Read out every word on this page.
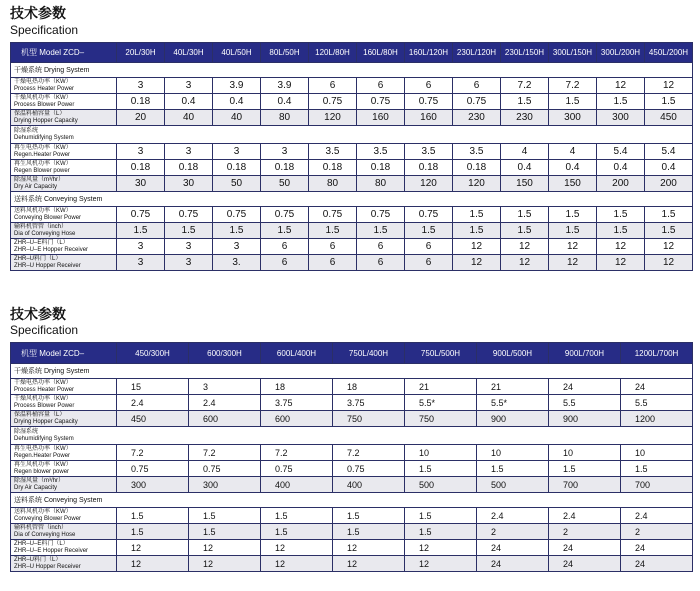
技术参数
Specification
机型 Model ZCD–	20L/30H	40L/30H	40L/50H	80L/50H	120L/80H	160L/80H	160L/120H	230L/120H	230L/150H	300L/150H	300L/200H	450L/200H
干燥系统 Drying System												

干燥电热功率（KW）
Process Heater Power	3	3	3.9	3.9	6	6	6	6	7.2	7.2	12	12

干燥风机功率（KW）
Process Blower Power	0.18	0.4	0.4	0.4	0.75	0.75	0.75	0.75	1.5	1.5	1.5	1.5

保温料桶容量（L）
Drying Hopper Capacity	20	40	40	80	120	160	160	230	230	300	300	450

除湿系统
Dehumidifying System												

再生电热功率（KW）
Regen.Heater Power	3	3	3	3	3.5	3.5	3.5	3.5	4	4	5.4	5.4

再生风机功率（KW）
Regen Blower power	0.18	0.18	0.18	0.18	0.18	0.18	0.18	0.18	0.4	0.4	0.4	0.4

除湿风量（m³/hr）
Dry Air Capacity	30	30	50	50	80	80	120	120	150	150	200	200
送料系统 Conveying System												

送料风机功率（KW）
Conveying Blower Power	0.75	0.75	0.75	0.75	0.75	0.75	0.75	1.5	1.5	1.5	1.5	1.5

输料机管管（inch）
Dia of Conveying Hose	1.5	1.5	1.5	1.5	1.5	1.5	1.5	1.5	1.5	1.5	1.5	1.5

ZHR–U–E料门（L）
ZHR–U–E Hopper Receiver	3	3	3	6	6	6	6	12	12	12	12	12

ZHR–U料门（L）
ZHR–U Hopper Receiver	3	3	3.	6	6	6	6	12	12	12	12	12
技术参数
Specification
机型 Model ZCD–	450/300H	600/300H	600L/400H	750L/400H	750L/500H	900L/500H	900L/700H	1200L/700H
干燥系统 Drying System								

干燥电热功率（KW）
Process Heater Power	15	3	18	18	21	21	24	24

干燥风机功率（KW）
Process Blower Power	2.4	2.4	3.75	3.75	5.5*	5.5*	5.5	5.5

保温料桶容量（L）
Drying Hopper Capacity	450	600	600	750	750	900	900	1200

除湿系统
Dehumidifying System								

再生电热功率（KW）
Regen.Heater Power	7.2	7.2	7.2	7.2	10	10	10	10

再生风机功率（KW）
Regen blower power	0.75	0.75	0.75	0.75	1.5	1.5	1.5	1.5

除湿风量（m³/hr）
Dry Air Capacity	300	300	400	400	500	500	700	700
送料系统 Conveying System								

送料风机功率（KW）
Conveying Blower Power	1.5	1.5	1.5	1.5	1.5	2.4	2.4	2.4

输料机管管（inch）
Dia of Conveying Hose	1.5	1.5	1.5	1.5	1.5	2	2	2

ZHR–U–E料门（L）
ZHR–U–E Hopper Receiver	12	12	12	12	12	24	24	24

ZHR–U料门（L）
ZHR–U Hopper Receiver	12	12	12	12	12	24	24	24
